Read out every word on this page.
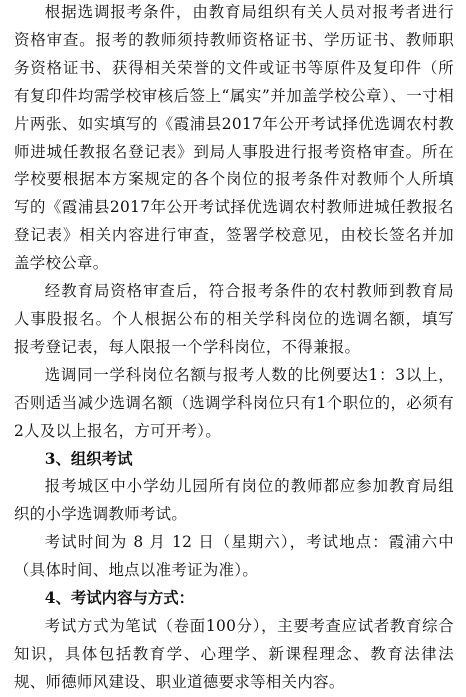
根据选调报考条件，由教育局组织有关人员对报考者进行资格审查。报考的教师须持教师资格证书、学历证书、教师职务资格证书、获得相关荣誉的文件或证书等原件及复印件（所有复印件均需学校审核后签上“属实”并加盖学校公章）、一寸相片两张、如实填写的《霞浦县2017年公开考试择优选调农村教师进城任教报名登记表》到局人事股进行报考资格审查。所在学校要根据本方案规定的各个岗位的报考条件对教师个人所填写的《霞浦县2017年公开考试择优选调农村教师进城任教报名登记表》相关内容进行审查，签署学校意见，由校长签名并加盖学校公章。

经教育局资格审查后，符合报考条件的农村教师到教育局人事股报名。个人根据公布的相关学科岗位的选调名额，填写报考登记表，每人限报一个学科岗位，不得兼报。

选调同一学科岗位名额与报考人数的比例要达1：3以上，否则适当减少选调名额（选调学科岗位只有1个职位的，必须有2人及以上报名，方可开考）。

3、组织考试

报考城区中小学幼儿园所有岗位的教师都应参加教育局组织的小学选调教师考试。

考试时间为 8 月 12 日（星期六），考试地点：霞浦六中（具体时间、地点以准考证为准）。

4、考试内容与方式：

考试方式为笔试（卷面100分），主要考查应试者教育综合知识，具体包括教育学、心理学、新课程理念、教育法律法规、师德师风建设、职业道德要求等相关内容。
